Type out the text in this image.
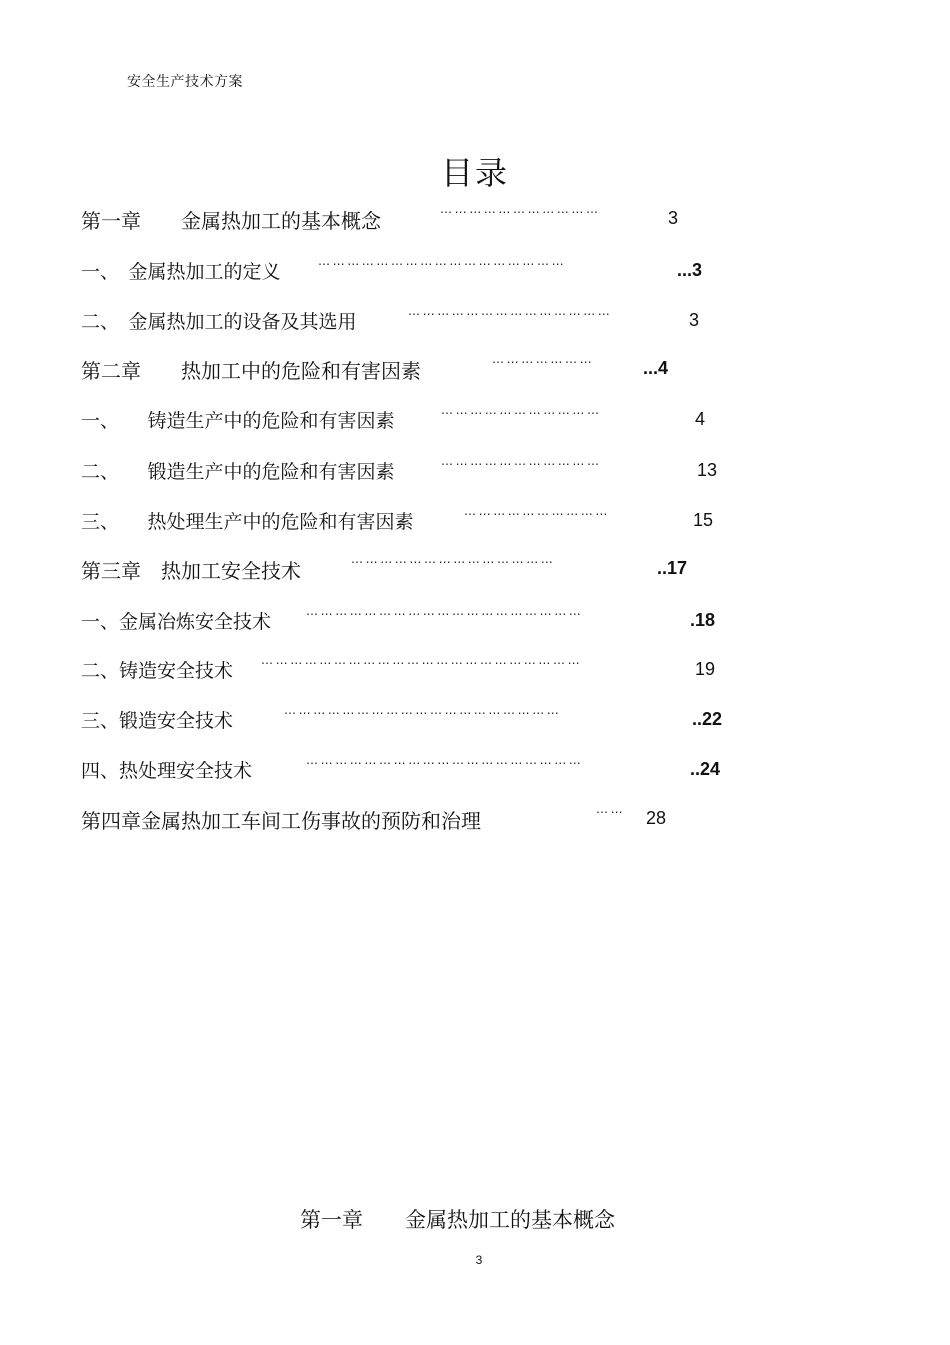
安全生产技术方案
目录
第一章　　金属热加工的基本概念	……………………………	3
一、　金属热加工的定义	……………………………………………	...3
二、　金属热加工的设备及其选用	……………………………………	3
第二章　　热加工中的危险和有害因素	…………………	...4
一、　　铸造生产中的危险和有害因素	……………………………	4
二、　　锻造生产中的危险和有害因素	……………………………	13
三、　　热处理生产中的危险和有害因素	…………………………	15
第三章　热加工安全技术	……………………………………	..17
一、金属冶炼安全技术	…………………………………………………	.18
二、铸造安全技术 …………………………………………………………	19
三、锻造安全技术	…………………………………………………	..22
四、热处理安全技术	…………………………………………………	..24
第四章金属热加工车间工伤事故的预防和治理	……	28
第一章　　金属热加工的基本概念
3
